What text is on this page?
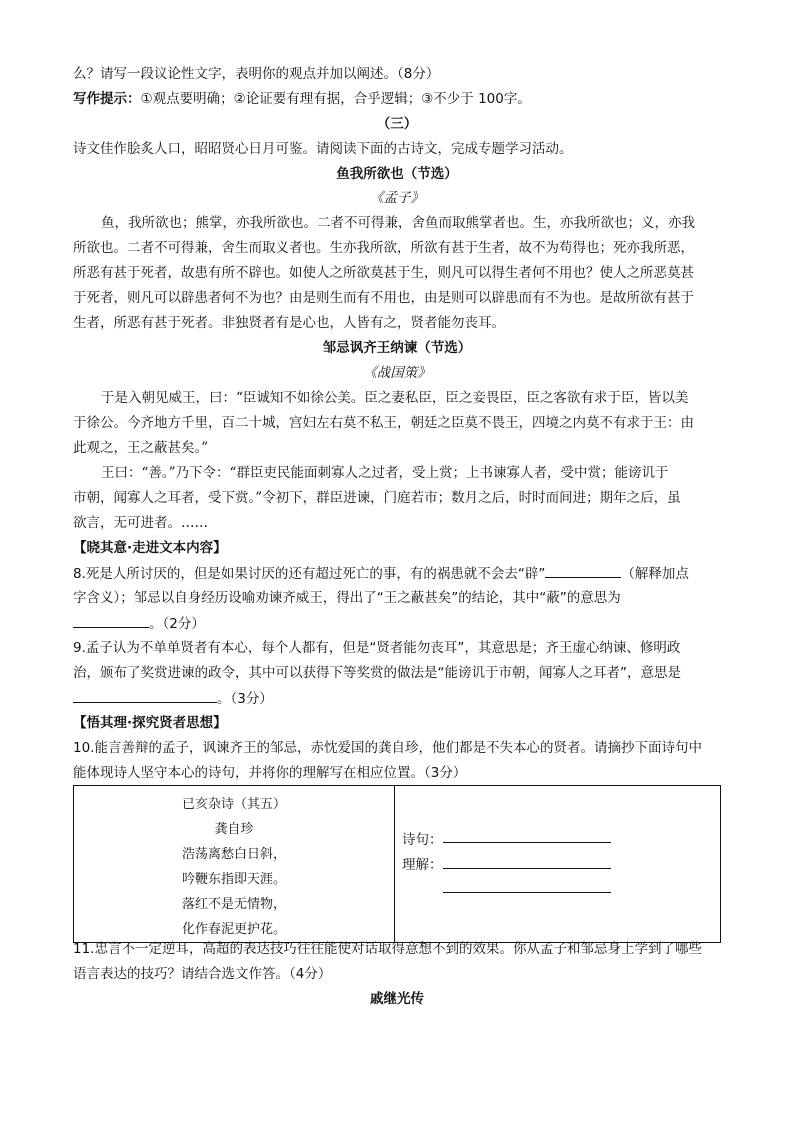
么？请写一段议论性文字，表明你的观点并加以阐述。（8分）
写作提示：①观点要明确；②论证要有理有据，合乎逻辑；③不少于 100字。
（三）
诗文佳作脍炙人口，昭昭贤心日月可鉴。请阅读下面的古诗文，完成专题学习活动。
鱼我所欲也（节选）
《孟子》
鱼，我所欲也；熊掌，亦我所欲也。二者不可得兼，舍鱼而取熊掌者也。生，亦我所欲也；义，亦我
所欲也。二者不可得兼，舍生而取义者也。生亦我所欲，所欲有甚于生者，故不为苟得也；死亦我所恶，
所恶有甚于死者，故患有所不辟也。如使人之所欲莫甚于生，则凡可以得生者何不用也？使人之所恶莫甚
于死者，则凡可以辟患者何不为也？由是则生而有不用也，由是则可以辟患而有不为也。是故所欲有甚于
生者，所恶有甚于死者。非独贤者有是心也，人皆有之，贤者能勿丧耳。
邹忌讽齐王纳谏（节选）
《战国策》
于是入朝见威王，曰：“臣诚知不如徐公美。臣之妻私臣，臣之妾畏臣，臣之客欲有求于臣，皆以美
于徐公。今齐地方千里，百二十城，宫妇左右莫不私王，朝廷之臣莫不畏王，四境之内莫不有求于王：由
此观之，王之蔽甚矣。”
王曰：“善。”乃下令：“群臣吏民能面刺寡人之过者，受上赏；上书谏寡人者，受中赏；能谤讥于
市朝，闻寡人之耳者，受下赏。”令初下，群臣进谏，门庭若市；数月之后，时时而间进；期年之后，虽
欲言，无可进者。……
【晓其意·走进文本内容】
8.死是人所讨厌的，但是如果讨厌的还有超过死亡的事，有的祸患就不会去“辟”	（解释加点
字含义）；邹忌以自身经历设喻劝谏齐威王，得出了“王之蔽甚矣”的结论，其中“蔽”的意思为
。（2分）
9.孟子认为不单单贤者有本心，每个人都有，但是“贤者能勿丧耳”，其意思是；齐王虚心纳谏、修明政
治，颁布了奖赏进谏的政令，其中可以获得下等奖赏的做法是“能谤讥于市朝，闻寡人之耳者”，意思是
。（3分）
【悟其理·探究贤者思想】
10.能言善辩的孟子，讽谏齐王的邹忌，赤忱爱国的龚自珍，他们都是不失本心的贤者。请摘抄下面诗句中
能体现诗人坚守本心的诗句，并将你的理解写在相应位置。（3分）
已亥杂诗（其五）
龚自珍
浩荡离愁白日斜，
吟鞭东指即天涯。
落红不是无情物，
化作春泥更护花。

诗句：
理解：
11.忠言不一定逆耳，高超的表达技巧往往能使对话取得意想不到的效果。你从孟子和邹忌身上学到了哪些
语言表达的技巧？请结合选文作答。（4分）
戚继光传
